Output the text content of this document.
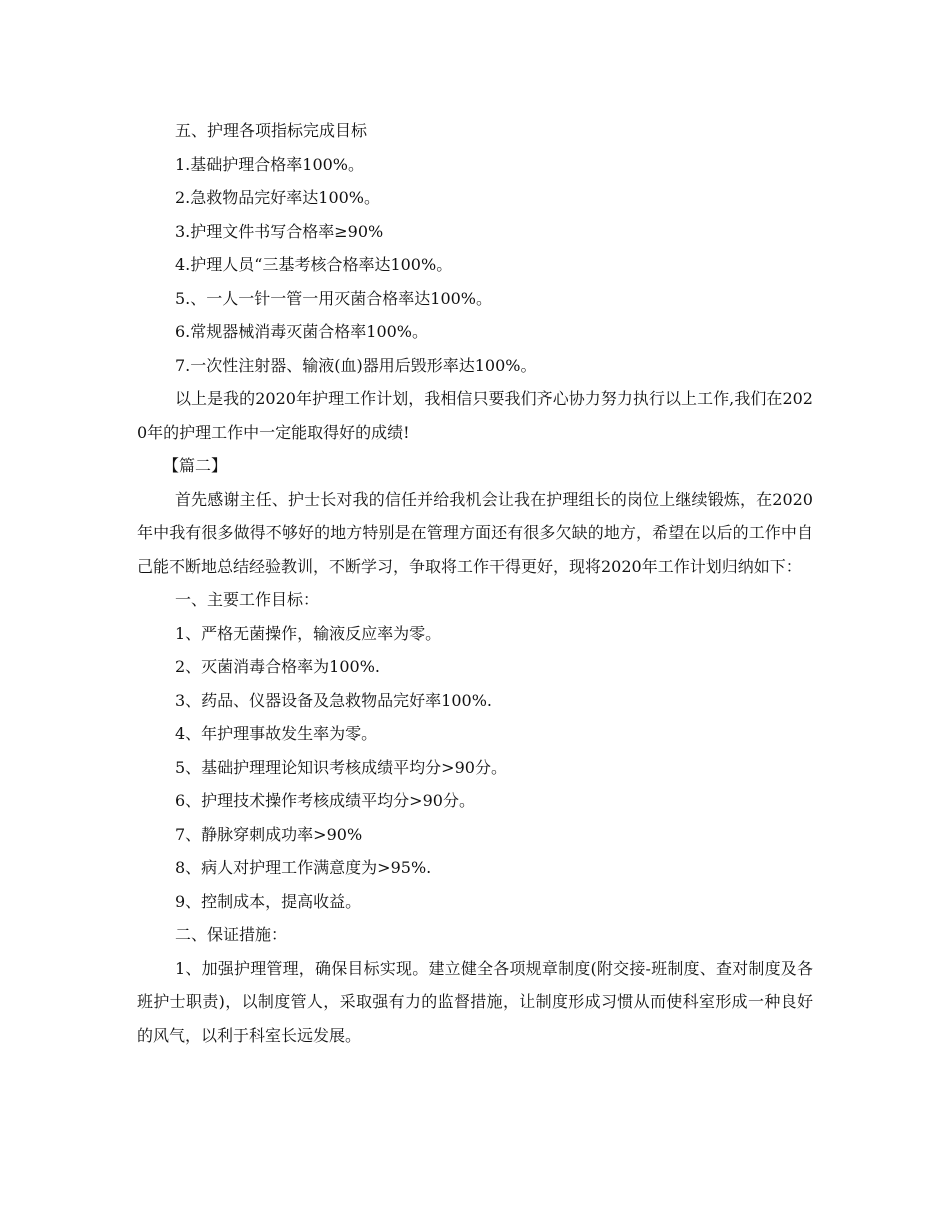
五、护理各项指标完成目标

1.基础护理合格率100%。

2.急救物品完好率达100%。

3.护理文件书写合格率≥90%

4.护理人员“三基考核合格率达100%。

5.、一人一针一管一用灭菌合格率达100%。

6.常规器械消毒灭菌合格率100%。

7.一次性注射器、输液(血)器用后毁形率达100%。

以上是我的2020年护理工作计划，我相信只要我们齐心协力努力执行以上工作,我们在2020年的护理工作中一定能取得好的成绩!

【篇二】

首先感谢主任、护士长对我的信任并给我机会让我在护理组长的岗位上继续锻炼，在2020年中我有很多做得不够好的地方特别是在管理方面还有很多欠缺的地方，希望在以后的工作中自己能不断地总结经验教训，不断学习，争取将工作干得更好，现将2020年工作计划归纳如下：

一、主要工作目标：

1、严格无菌操作，输液反应率为零。

2、灭菌消毒合格率为100%.

3、药品、仪器设备及急救物品完好率100%.

4、年护理事故发生率为零。

5、基础护理理论知识考核成绩平均分>90分。

6、护理技术操作考核成绩平均分>90分。

7、静脉穿刺成功率>90%

8、病人对护理工作满意度为>95%.

9、控制成本，提高收益。

二、保证措施：

1、加强护理管理，确保目标实现。建立健全各项规章制度(附交接-班制度、查对制度及各班护士职责)，以制度管人，采取强有力的监督措施，让制度形成习惯从而使科室形成一种良好的风气，以利于科室长远发展。
